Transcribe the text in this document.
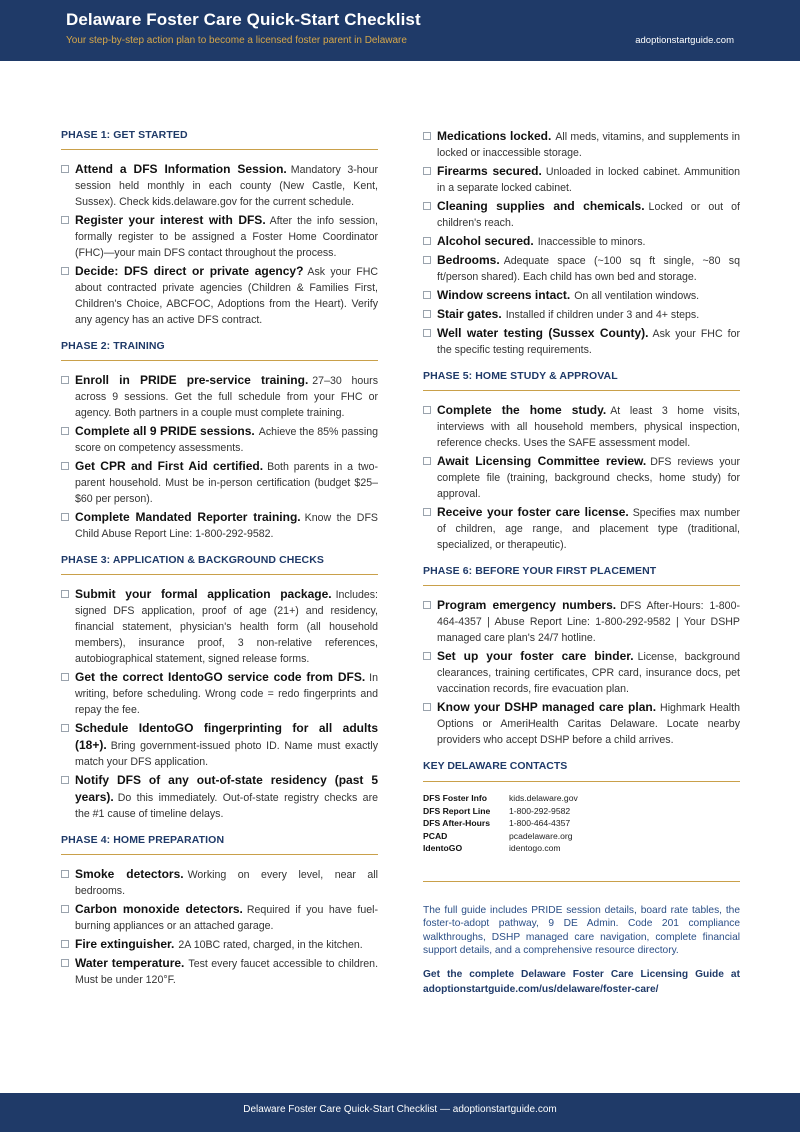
Delaware Foster Care Quick-Start Checklist
Your step-by-step action plan to become a licensed foster parent in Delaware	adoptionstartguide.com
PHASE 1: GET STARTED
Attend a DFS Information Session. Mandatory 3-hour session held monthly in each county (New Castle, Kent, Sussex). Check kids.delaware.gov for the current schedule.
Register your interest with DFS. After the info session, formally register to be assigned a Foster Home Coordinator (FHC)—your main DFS contact throughout the process.
Decide: DFS direct or private agency? Ask your FHC about contracted private agencies (Children & Families First, Children's Choice, ABCFOC, Adoptions from the Heart). Verify any agency has an active DFS contract.
PHASE 2: TRAINING
Enroll in PRIDE pre-service training. 27–30 hours across 9 sessions. Get the full schedule from your FHC or agency. Both partners in a couple must complete training.
Complete all 9 PRIDE sessions. Achieve the 85% passing score on competency assessments.
Get CPR and First Aid certified. Both parents in a two-parent household. Must be in-person certification (budget $25–$60 per person).
Complete Mandated Reporter training. Know the DFS Child Abuse Report Line: 1-800-292-9582.
PHASE 3: APPLICATION & BACKGROUND CHECKS
Submit your formal application package. Includes: signed DFS application, proof of age (21+) and residency, financial statement, physician's health form (all household members), insurance proof, 3 non-relative references, autobiographical statement, signed release forms.
Get the correct IdentoGO service code from DFS. In writing, before scheduling. Wrong code = redo fingerprints and repay the fee.
Schedule IdentoGO fingerprinting for all adults (18+). Bring government-issued photo ID. Name must exactly match your DFS application.
Notify DFS of any out-of-state residency (past 5 years). Do this immediately. Out-of-state registry checks are the #1 cause of timeline delays.
PHASE 4: HOME PREPARATION
Smoke detectors. Working on every level, near all bedrooms.
Carbon monoxide detectors. Required if you have fuel-burning appliances or an attached garage.
Fire extinguisher. 2A 10BC rated, charged, in the kitchen.
Water temperature. Test every faucet accessible to children. Must be under 120°F.
Medications locked. All meds, vitamins, and supplements in locked or inaccessible storage.
Firearms secured. Unloaded in locked cabinet. Ammunition in a separate locked cabinet.
Cleaning supplies and chemicals. Locked or out of children's reach.
Alcohol secured. Inaccessible to minors.
Bedrooms. Adequate space (~100 sq ft single, ~80 sq ft/person shared). Each child has own bed and storage.
Window screens intact. On all ventilation windows.
Stair gates. Installed if children under 3 and 4+ steps.
Well water testing (Sussex County). Ask your FHC for the specific testing requirements.
PHASE 5: HOME STUDY & APPROVAL
Complete the home study. At least 3 home visits, interviews with all household members, physical inspection, reference checks. Uses the SAFE assessment model.
Await Licensing Committee review. DFS reviews your complete file (training, background checks, home study) for approval.
Receive your foster care license. Specifies max number of children, age range, and placement type (traditional, specialized, or therapeutic).
PHASE 6: BEFORE YOUR FIRST PLACEMENT
Program emergency numbers. DFS After-Hours: 1-800-464-4357 | Abuse Report Line: 1-800-292-9582 | Your DSHP managed care plan's 24/7 hotline.
Set up your foster care binder. License, background clearances, training certificates, CPR card, insurance docs, pet vaccination records, fire evacuation plan.
Know your DSHP managed care plan. Highmark Health Options or AmeriHealth Caritas Delaware. Locate nearby providers who accept DSHP before a child arrives.
KEY DELAWARE CONTACTS
DFS Foster Info	kids.delaware.gov
DFS Report Line	1-800-292-9582
DFS After-Hours	1-800-464-4357
PCAD	pcadelaware.org
IdentoGO	identogo.com
The full guide includes PRIDE session details, board rate tables, the foster-to-adopt pathway, 9 DE Admin. Code 201 compliance walkthroughs, DSHP managed care navigation, complete financial support details, and a comprehensive resource directory.
Get the complete Delaware Foster Care Licensing Guide at adoptionstartguide.com/us/delaware/foster-care/
Delaware Foster Care Quick-Start Checklist — adoptionstartguide.com
